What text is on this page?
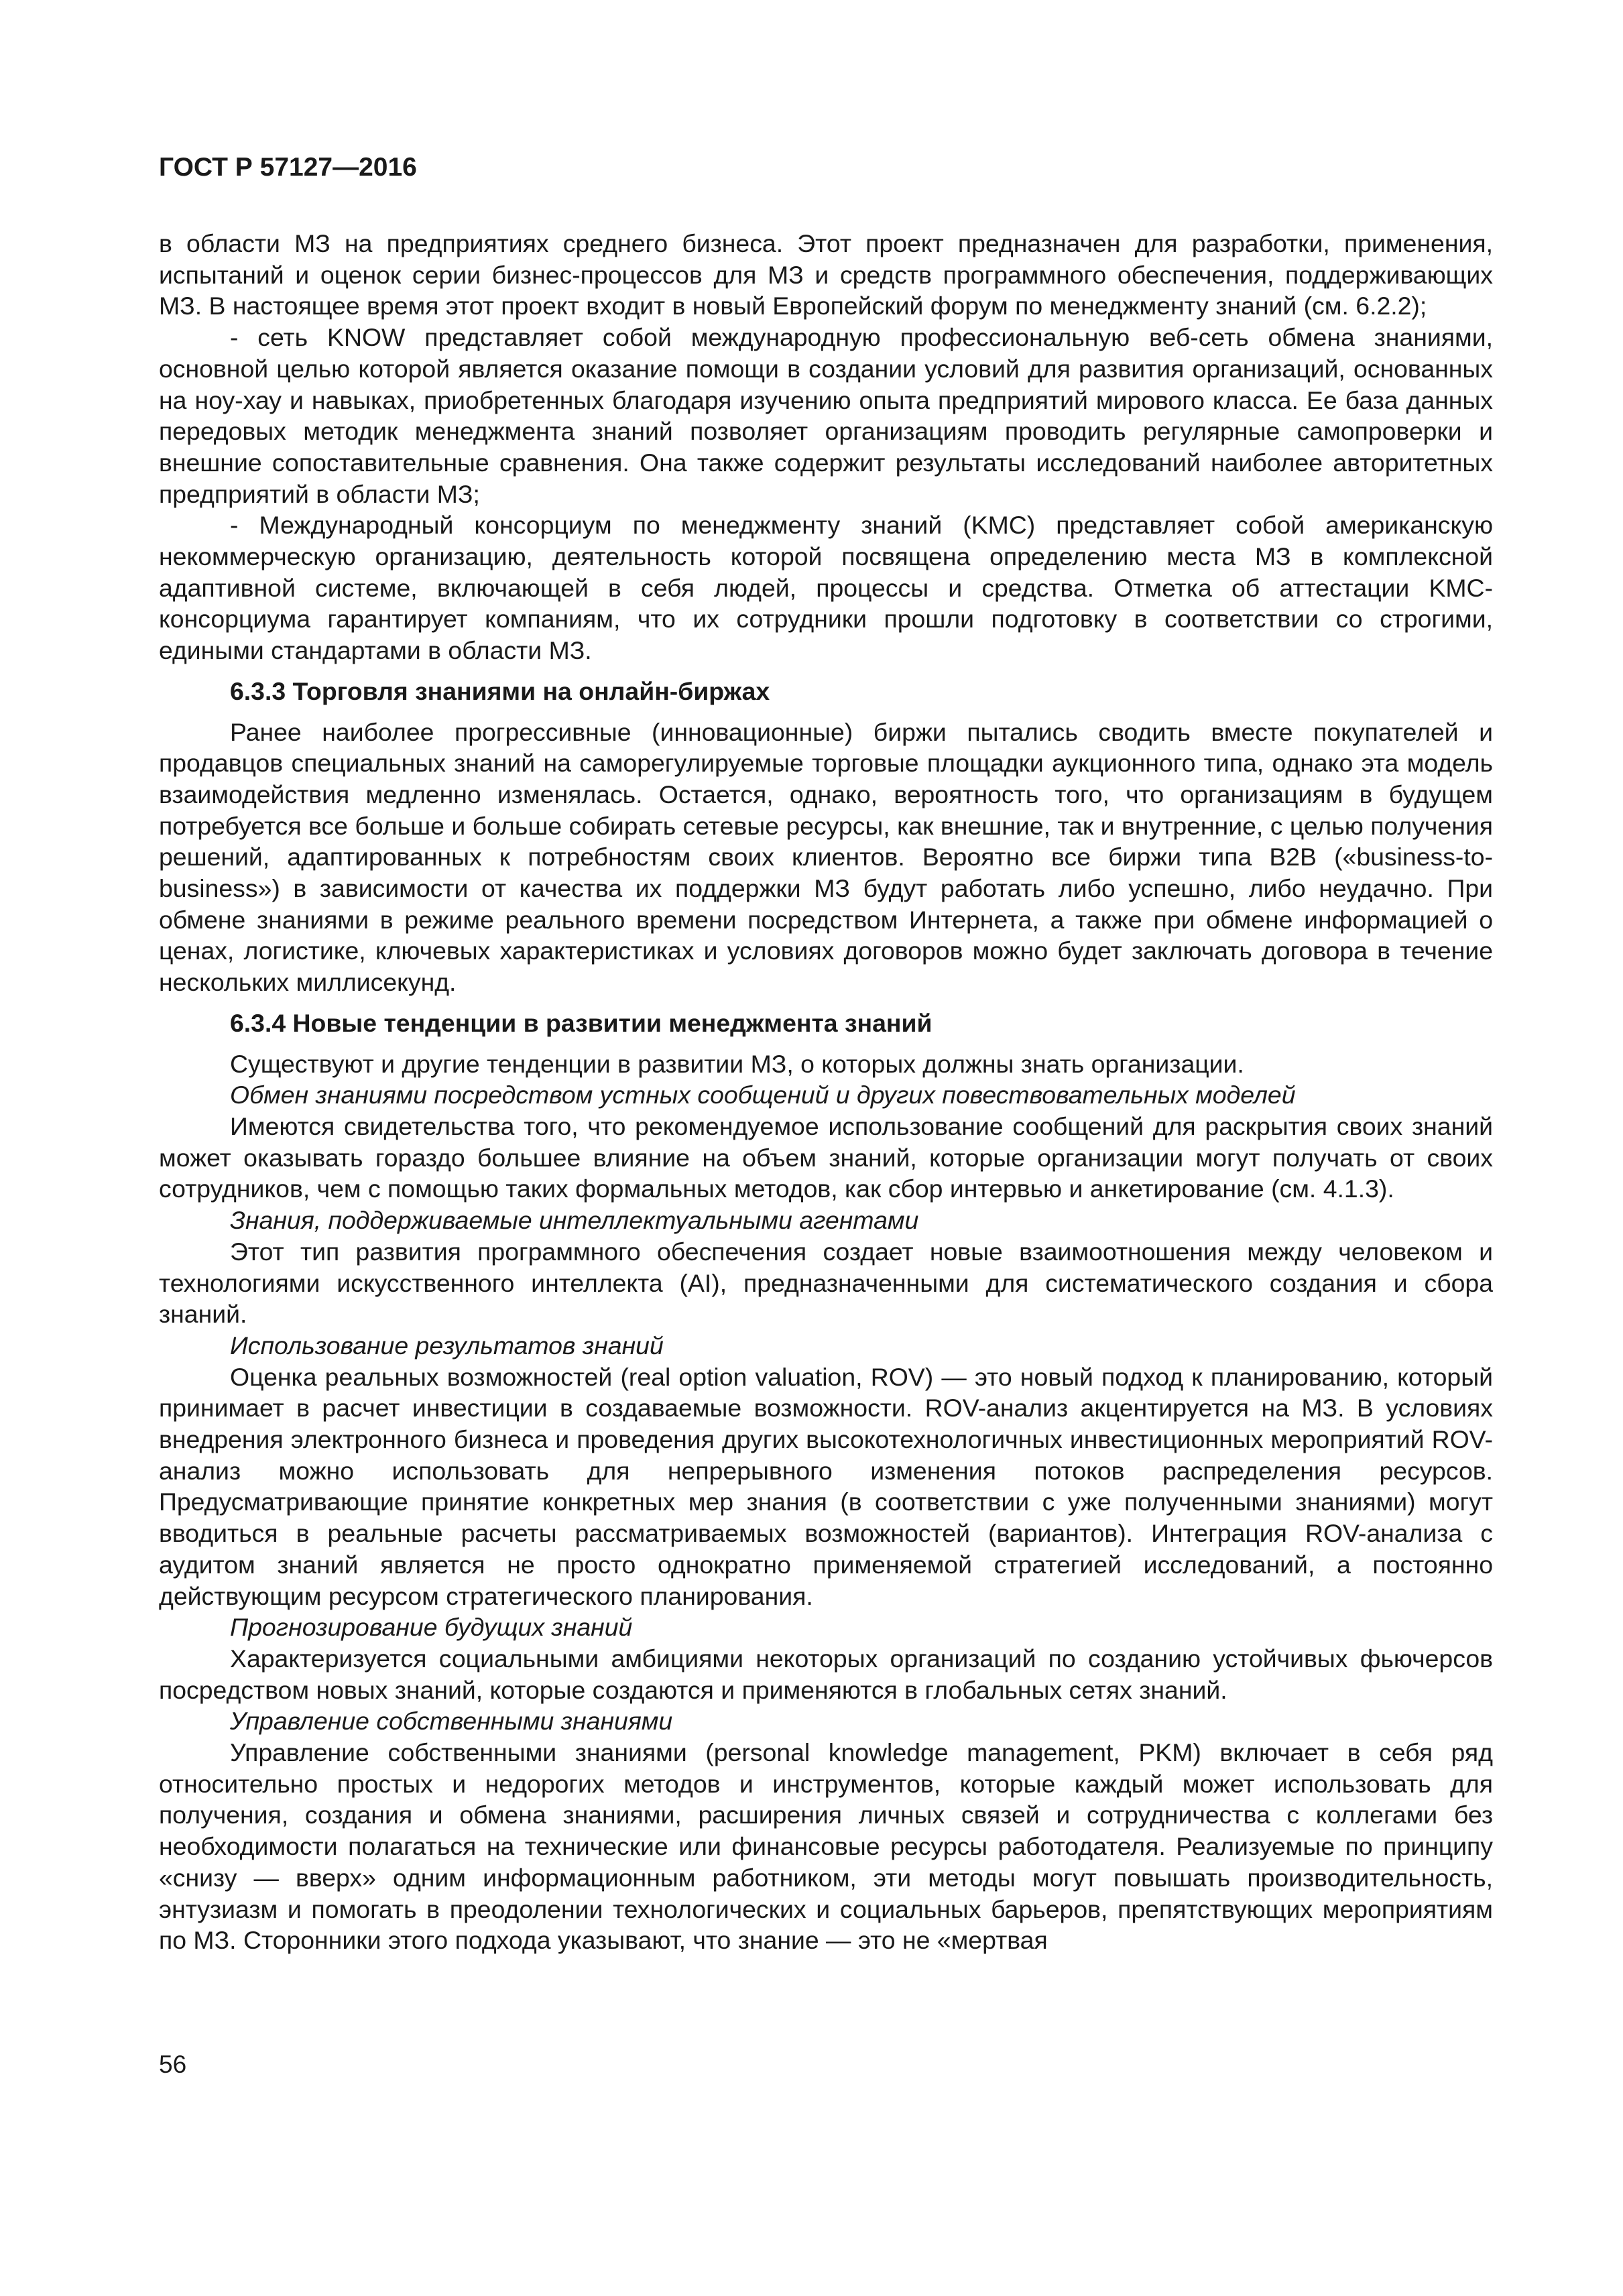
ГОСТ Р 57127—2016

в области МЗ на предприятиях среднего бизнеса. Этот проект предназначен для разработки, применения, испытаний и оценок серии бизнес-процессов для МЗ и средств программного обеспечения, поддерживающих МЗ. В настоящее время этот проект входит в новый Европейский форум по менеджменту знаний (см. 6.2.2);

- сеть KNOW представляет собой международную профессиональную веб-сеть обмена знаниями, основной целью которой является оказание помощи в создании условий для развития организаций, основанных на ноу-хау и навыках, приобретенных благодаря изучению опыта предприятий мирового класса. Ее база данных передовых методик менеджмента знаний позволяет организациям проводить регулярные самопроверки и внешние сопоставительные сравнения. Она также содержит результаты исследований наиболее авторитетных предприятий в области МЗ;

- Международный консорциум по менеджменту знаний (KMC) представляет собой американскую некоммерческую организацию, деятельность которой посвящена определению места МЗ в комплексной адаптивной системе, включающей в себя людей, процессы и средства. Отметка об аттестации KMC-консорциума гарантирует компаниям, что их сотрудники прошли подготовку в соответствии со строгими, едиными стандартами в области МЗ.

6.3.3 Торговля знаниями на онлайн-биржах

Ранее наиболее прогрессивные (инновационные) биржи пытались сводить вместе покупателей и продавцов специальных знаний на саморегулируемые торговые площадки аукционного типа, однако эта модель взаимодействия медленно изменялась. Остается, однако, вероятность того, что организациям в будущем потребуется все больше и больше собирать сетевые ресурсы, как внешние, так и внутренние, с целью получения решений, адаптированных к потребностям своих клиентов. Вероятно все биржи типа B2B («business-to-business») в зависимости от качества их поддержки МЗ будут работать либо успешно, либо неудачно. При обмене знаниями в режиме реального времени посредством Интернета, а также при обмене информацией о ценах, логистике, ключевых характеристиках и условиях договоров можно будет заключать договора в течение нескольких миллисекунд.

6.3.4 Новые тенденции в развитии менеджмента знаний

Существуют и другие тенденции в развитии МЗ, о которых должны знать организации.

Обмен знаниями посредством устных сообщений и других повествовательных моделей

Имеются свидетельства того, что рекомендуемое использование сообщений для раскрытия своих знаний может оказывать гораздо большее влияние на объем знаний, которые организации могут получать от своих сотрудников, чем с помощью таких формальных методов, как сбор интервью и анкетирование (см. 4.1.3).

Знания, поддерживаемые интеллектуальными агентами

Этот тип развития программного обеспечения создает новые взаимоотношения между человеком и технологиями искусственного интеллекта (AI), предназначенными для систематического создания и сбора знаний.

Использование результатов знаний

Оценка реальных возможностей (real option valuation, ROV) — это новый подход к планированию, который принимает в расчет инвестиции в создаваемые возможности. ROV-анализ акцентируется на МЗ. В условиях внедрения электронного бизнеса и проведения других высокотехнологичных инвестиционных мероприятий ROV-анализ можно использовать для непрерывного изменения потоков распределения ресурсов. Предусматривающие принятие конкретных мер знания (в соответствии с уже полученными знаниями) могут вводиться в реальные расчеты рассматриваемых возможностей (вариантов). Интеграция ROV-анализа с аудитом знаний является не просто однократно применяемой стратегией исследований, а постоянно действующим ресурсом стратегического планирования.

Прогнозирование будущих знаний

Характеризуется социальными амбициями некоторых организаций по созданию устойчивых фьючерсов посредством новых знаний, которые создаются и применяются в глобальных сетях знаний.

Управление собственными знаниями

Управление собственными знаниями (personal knowledge management, PKM) включает в себя ряд относительно простых и недорогих методов и инструментов, которые каждый может использовать для получения, создания и обмена знаниями, расширения личных связей и сотрудничества с коллегами без необходимости полагаться на технические или финансовые ресурсы работодателя. Реализуемые по принципу «снизу — вверх» одним информационным работником, эти методы могут повышать производительность, энтузиазм и помогать в преодолении технологических и социальных барьеров, препятствующих мероприятиям по МЗ. Сторонники этого подхода указывают, что знание — это не «мертвая

56
